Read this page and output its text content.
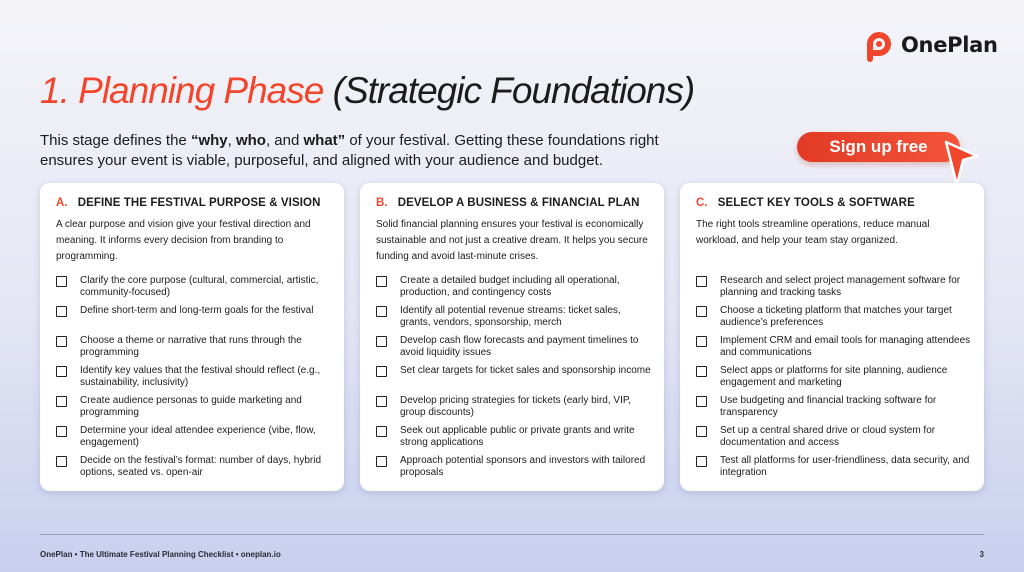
OnePlan
1. Planning Phase (Strategic Foundations)

This stage defines the “why, who, and what” of your festival. Getting these foundations right ensures your event is viable, purposeful, and aligned with your audience and budget.

Sign up free
A. DEFINE THE FESTIVAL PURPOSE & VISION
A clear purpose and vision give your festival direction and meaning. It informs every decision from branding to programming.
Clarify the core purpose (cultural, commercial, artistic, community-focused)
Define short-term and long-term goals for the festival
Choose a theme or narrative that runs through the programming
Identify key values that the festival should reflect (e.g., sustainability, inclusivity)
Create audience personas to guide marketing and programming
Determine your ideal attendee experience (vibe, flow, engagement)
Decide on the festival’s format: number of days, hybrid options, seated vs. open-air
B. DEVELOP A BUSINESS & FINANCIAL PLAN
Solid financial planning ensures your festival is economically sustainable and not just a creative dream. It helps you secure funding and avoid last-minute crises.
Create a detailed budget including all operational, production, and contingency costs
Identify all potential revenue streams: ticket sales, grants, vendors, sponsorship, merch
Develop cash flow forecasts and payment timelines to avoid liquidity issues
Set clear targets for ticket sales and sponsorship income
Develop pricing strategies for tickets (early bird, VIP, group discounts)
Seek out applicable public or private grants and write strong applications
Approach potential sponsors and investors with tailored proposals
C. SELECT KEY TOOLS & SOFTWARE
The right tools streamline operations, reduce manual workload, and help your team stay organized.
Research and select project management software for planning and tracking tasks
Choose a ticketing platform that matches your target audience’s preferences
Implement CRM and email tools for managing attendees and communications
Select apps or platforms for site planning, audience engagement and marketing
Use budgeting and financial tracking software for transparency
Set up a central shared drive or cloud system for documentation and access
Test all platforms for user-friendliness, data security, and integration
OnePlan • The Ultimate Festival Planning Checklist • oneplan.io	3
